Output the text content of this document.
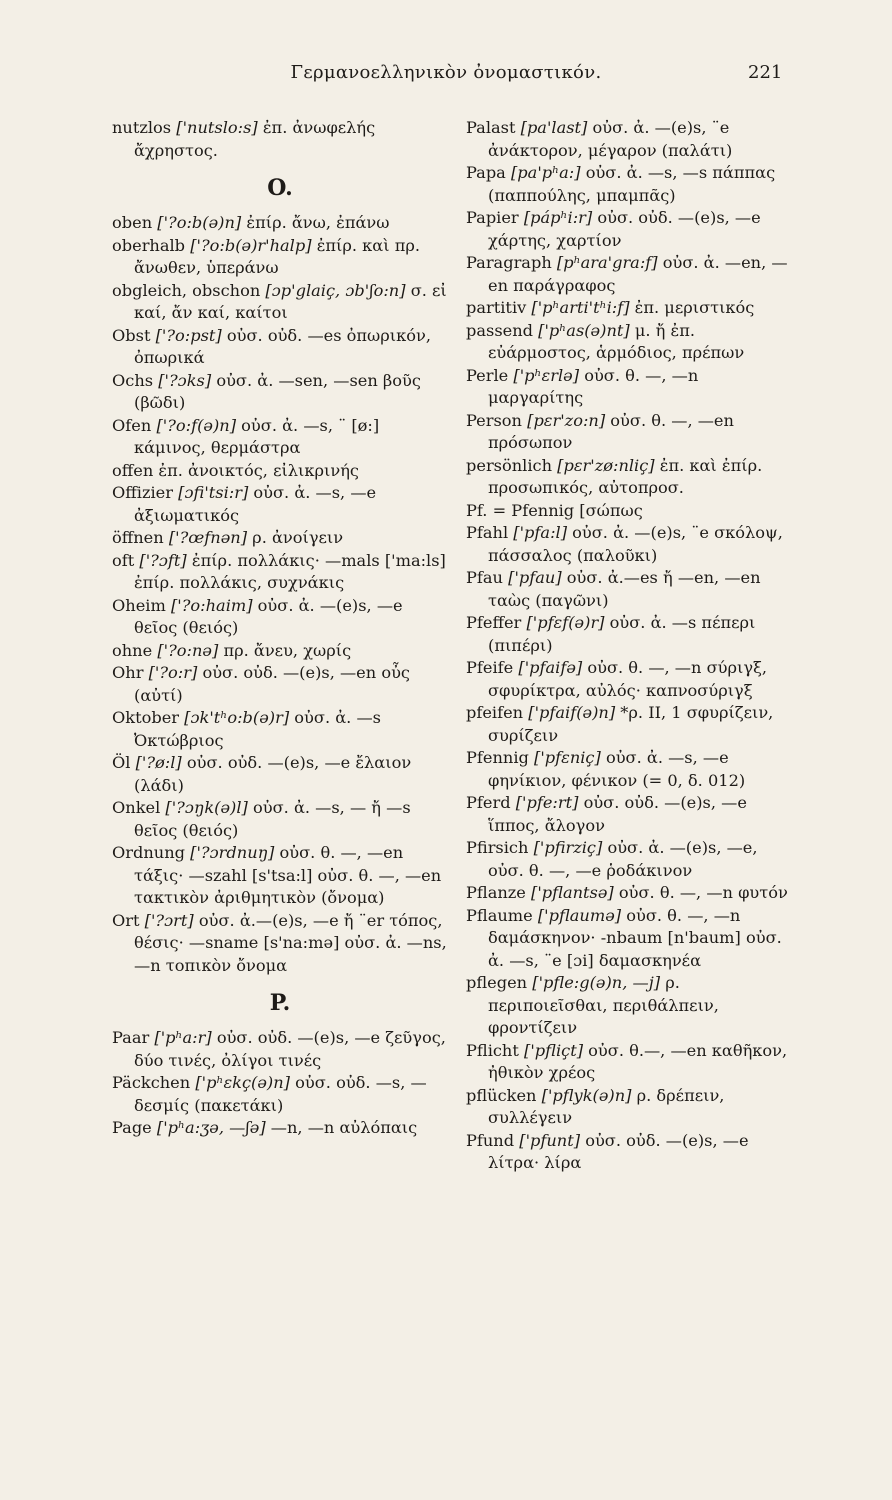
Γερμανοελληνικὸν ὀνομαστικόν.	221

nutzlos ['nutslo:s] ἐπ. ἀνωφελής ἄχρηστος.

O.

oben ['?o:b(ə)n] ἐπίρ. ἄνω, ἐπάνω

oberhalb ['?o:b(ə)r'halp] ἐπίρ. καὶ πρ. ἄνωθεν, ὑπεράνω

obgleich, obschon [ɔp'glaiç, ɔb'ʃo:n] σ. εἰ καί, ἄν καί, καίτοι

Obst ['?o:pst] οὐσ. οὐδ. —es ὀπωρικόν, ὀπωρικά

Ochs ['?ɔks] οὐσ. ἀ. —sen, —sen βοῦς (βῶδι)

Ofen ['?o:f(ə)n] οὐσ. ἀ. —s, ¨ [ø:] κάμινος, θερμάστρα

offen ἐπ. ἀνοικτός, εἰλικρινής

Offizier [ɔfi'tsi:r] οὐσ. ἀ. —s, —e ἀξιωματικός

öffnen ['?œfnən] ρ. ἀνοίγειν

oft ['?ɔft] ἐπίρ. πολλάκις· —mals ['ma:ls] ἐπίρ. πολλάκις, συχνάκις

Oheim ['?o:haim] οὐσ. ἀ. —(e)s, —e θεῖος (θειός)

ohne ['?o:nə] πρ. ἄνευ, χωρίς

Ohr ['?o:r] οὐσ. οὐδ. —(e)s, —en οὖς (αὐτί)

Oktober [ɔk'tʰo:b(ə)r] οὐσ. ἀ. —s Ὀκτώβριος

Öl ['?ø:l] οὐσ. οὐδ. —(e)s, —e ἔλαιον (λάδι)

Onkel ['?ɔŋk(ə)l] οὐσ. ἀ. —s, — ἤ —s θεῖος (θειός)

Ordnung ['?ɔrdnuŋ] οὐσ. θ. —, —en τάξις· —szahl [s'tsa:l] οὐσ. θ. —, —en τακτικὸν ἀριθμητικὸν (ὄνομα)

Ort ['?ɔrt] οὐσ. ἀ.—(e)s, —e ἤ ¨er τόπος, θέσις· —sname [s'na:mə] οὐσ. ἀ. —ns, —n τοπικὸν ὄνομα

P.

Paar ['pʰa:r] οὐσ. οὐδ. —(e)s, —e ζεῦγος, δύο τινές, ὀλίγοι τινές

Päckchen ['pʰɛkç(ə)n] οὐσ. οὐδ. —s, — δεσμίς (πακετάκι)

Page ['pʰa:ʒə, —ʃə] —n, —n αὐλόπαις

Palast [pa'last] οὐσ. ἀ. —(e)s, ¨e ἀνάκτορον, μέγαρον (παλάτι)

Papa [pa'pʰa:] οὐσ. ἀ. —s, —s πάππας (παππούλης, μπαμπᾶς)

Papier [pápʰi:r] οὐσ. οὐδ. —(e)s, —e χάρτης, χαρτίον

Paragraph [pʰara'gra:f] οὐσ. ἀ. —en, —en παράγραφος

partitiv ['pʰarti'tʰi:f] ἐπ. μεριστικός

passend ['pʰas(ə)nt] μ. ἤ ἐπ. εὐάρμοστος, ἁρμόδιος, πρέπων

Perle ['pʰɛrlə] οὐσ. θ. —, —n μαργαρίτης

Person [pɛr'zo:n] οὐσ. θ. —, —en πρόσωπον

persönlich [pɛr'zø:nliç] ἐπ. καὶ ἐπίρ. προσωπικός, αὐτοπροσ.

Pf. = Pfennig [σώπως

Pfahl ['pfa:l] οὐσ. ἀ. —(e)s, ¨e σκόλοψ, πάσσαλος (παλοῦκι)

Pfau ['pfau] οὐσ. ἀ.—es ἤ —en, —en ταὼς (παγῶνι)

Pfeffer ['pfɛf(ə)r] οὐσ. ἀ. —s πέπερι (πιπέρι)

Pfeife ['pfaifə] οὐσ. θ. —, —n σύριγξ, σφυρίκτρα, αὐλός· καπνοσύριγξ

pfeifen ['pfaif(ə)n] *ρ. II, 1 σφυρίζειν, συρίζειν

Pfennig ['pfɛniç] οὐσ. ἀ. —s, —e φηνίκιον, φένικον (= 0, δ. 012)

Pferd ['pfe:rt] οὐσ. οὐδ. —(e)s, —e ἵππος, ἄλογον

Pfirsich ['pfirziç] οὐσ. ἀ. —(e)s, —e, οὐσ. θ. —, —e ῥοδάκινον

Pflanze ['pflantsə] οὐσ. θ. —, —n φυτόν

Pflaume ['pflaumə] οὐσ. θ. —, —n δαμάσκηνον· -nbaum [n'baum] οὐσ. ἀ. —s, ¨e [ɔi] δαμασκηνέα

pflegen ['pfle:g(ə)n, —j] ρ. περιποιεῖσθαι, περιθάλπειν, φροντίζειν

Pflicht ['pfliçt] οὐσ. θ.—, —en καθῆκον, ἠθικὸν χρέος

pflücken ['pflyk(ə)n] ρ. δρέπειν, συλλέγειν

Pfund ['pfunt] οὐσ. οὐδ. —(e)s, —e λίτρα· λίρα
